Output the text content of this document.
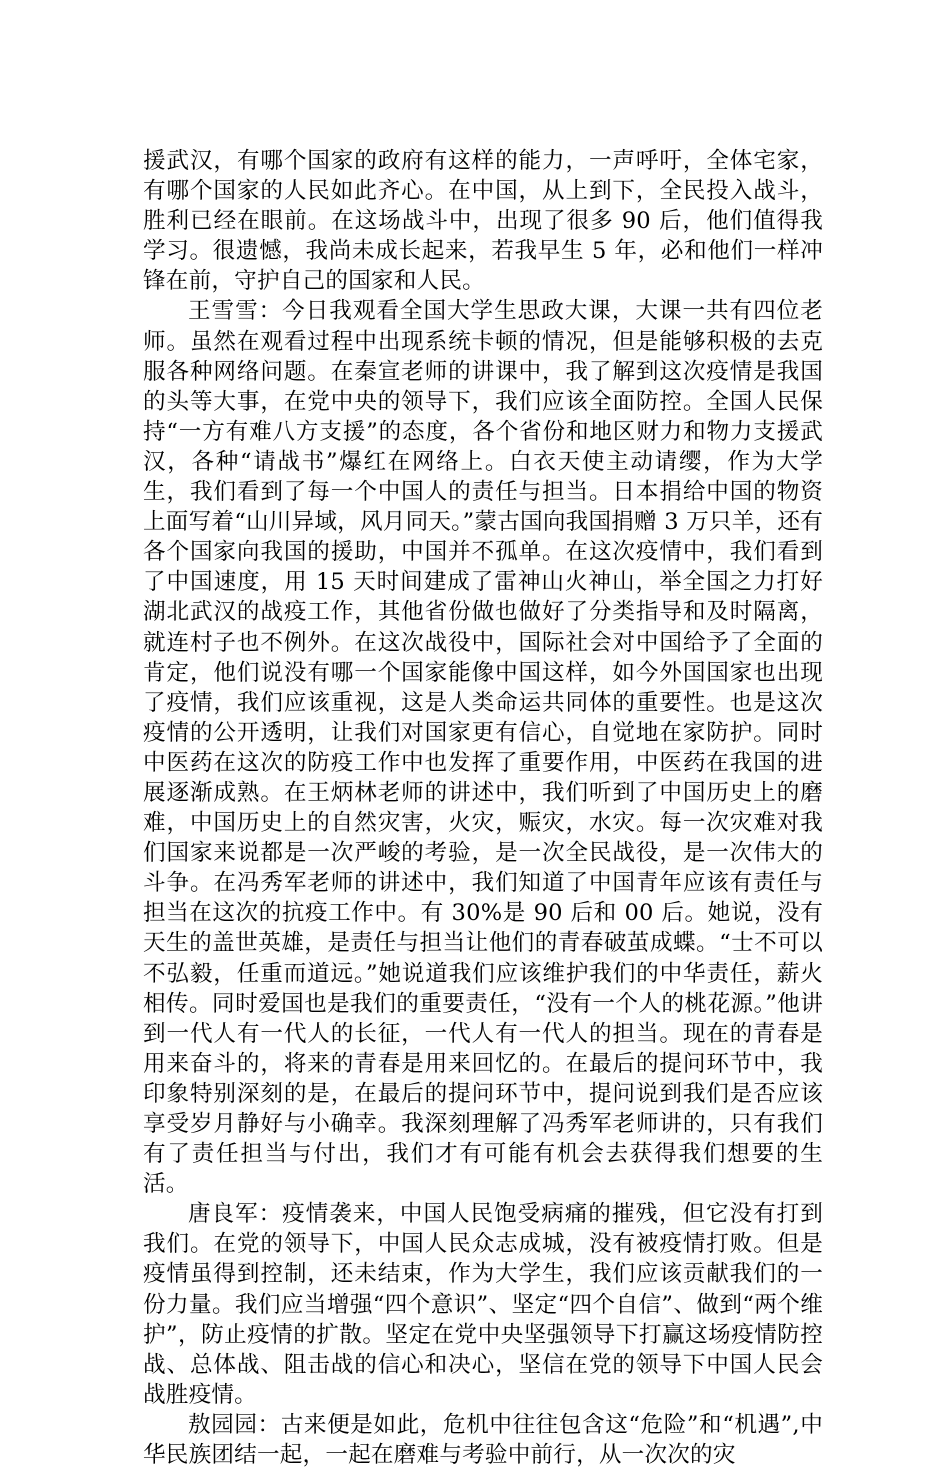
援武汉，有哪个国家的政府有这样的能力，一声呼吁，全体宅家，有哪个国家的人民如此齐心。在中国，从上到下，全民投入战斗，胜利已经在眼前。在这场战斗中，出现了很多 90 后，他们值得我学习。很遗憾，我尚未成长起来，若我早生 5 年，必和他们一样冲锋在前，守护自己的国家和人民。

王雪雪：今日我观看全国大学生思政大课，大课一共有四位老师。虽然在观看过程中出现系统卡顿的情况，但是能够积极的去克服各种网络问题。在秦宣老师的讲课中，我了解到这次疫情是我国的头等大事，在党中央的领导下，我们应该全面防控。全国人民保持“一方有难八方支援”的态度，各个省份和地区财力和物力支援武汉，各种“请战书”爆红在网络上。白衣天使主动请缨，作为大学生，我们看到了每一个中国人的责任与担当。日本捐给中国的物资上面写着“山川异域，风月同天。”蒙古国向我国捐赠 3 万只羊，还有各个国家向我国的援助，中国并不孤单。在这次疫情中，我们看到了中国速度，用 15 天时间建成了雷神山火神山，举全国之力打好湖北武汉的战疫工作，其他省份做也做好了分类指导和及时隔离，就连村子也不例外。在这次战役中，国际社会对中国给予了全面的肯定，他们说没有哪一个国家能像中国这样，如今外国国家也出现了疫情，我们应该重视，这是人类命运共同体的重要性。也是这次疫情的公开透明，让我们对国家更有信心，自觉地在家防护。同时中医药在这次的防疫工作中也发挥了重要作用，中医药在我国的进展逐渐成熟。在王炳林老师的讲述中，我们听到了中国历史上的磨难，中国历史上的自然灾害，火灾，赈灾，水灾。每一次灾难对我们国家来说都是一次严峻的考验，是一次全民战役，是一次伟大的斗争。在冯秀军老师的讲述中，我们知道了中国青年应该有责任与担当在这次的抗疫工作中。有 30%是 90 后和 00 后。她说，没有天生的盖世英雄，是责任与担当让他们的青春破茧成蝶。“士不可以不弘毅，任重而道远。”她说道我们应该维护我们的中华责任，薪火相传。同时爱国也是我们的重要责任，“没有一个人的桃花源。”他讲到一代人有一代人的长征，一代人有一代人的担当。现在的青春是用来奋斗的，将来的青春是用来回忆的。在最后的提问环节中，我印象特别深刻的是，在最后的提问环节中，提问说到我们是否应该享受岁月静好与小确幸。我深刻理解了冯秀军老师讲的，只有我们有了责任担当与付出，我们才有可能有机会去获得我们想要的生活。

唐良军：疫情袭来，中国人民饱受病痛的摧残，但它没有打到我们。在党的领导下，中国人民众志成城，没有被疫情打败。但是疫情虽得到控制，还未结束，作为大学生，我们应该贡献我们的一份力量。我们应当增强“四个意识”、坚定“四个自信”、做到“两个维护”，防止疫情的扩散。坚定在党中央坚强领导下打赢这场疫情防控战、总体战、阻击战的信心和决心，坚信在党的领导下中国人民会战胜疫情。

敖园园：古来便是如此，危机中往往包含这“危险”和“机遇”,中华民族团结一起，一起在磨难与考验中前行，从一次次的灾
